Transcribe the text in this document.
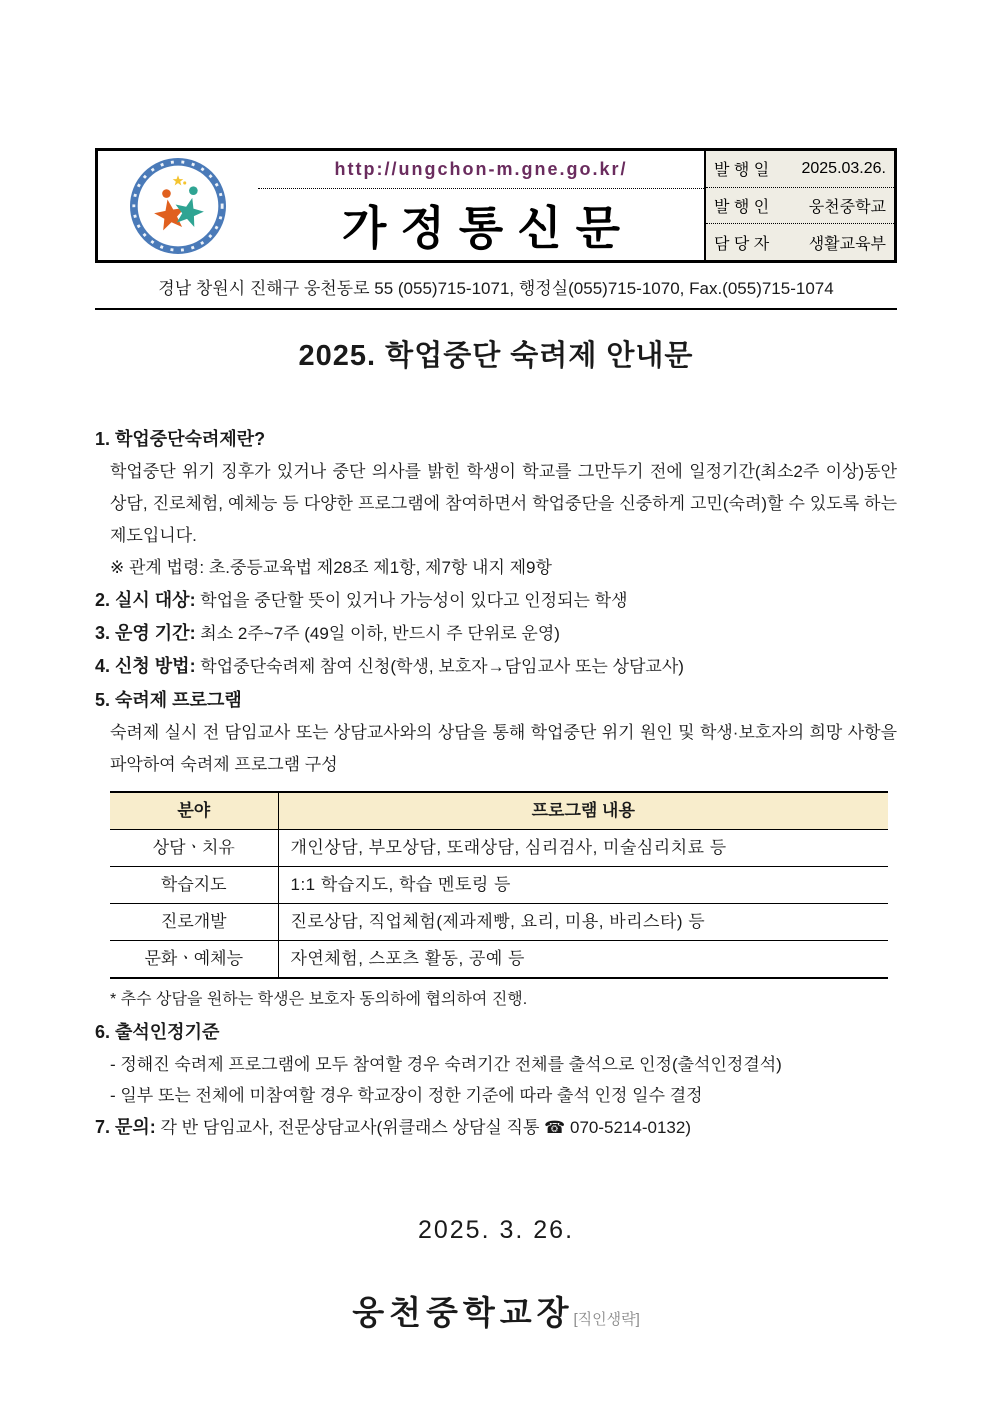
http://ungchon-m.gne.go.kr/
가정통신문
발 행 일	2025.03.26.
발 행 인	웅천중학교
담 당 자	생활교육부
경남 창원시 진해구 웅천동로 55 (055)715-1071, 행정실(055)715-1070, Fax.(055)715-1074
2025. 학업중단 숙려제 안내문
1. 학업중단숙려제란?
학업중단 위기 징후가 있거나 중단 의사를 밝힌 학생이 학교를 그만두기 전에 일정기간(최소2주 이상)동안 상담, 진로체험, 예체능 등 다양한 프로그램에 참여하면서 학업중단을 신중하게 고민(숙려)할 수 있도록 하는 제도입니다.
※ 관계 법령: 초.중등교육법 제28조 제1항, 제7항 내지 제9항
2. 실시 대상: 학업을 중단할 뜻이 있거나 가능성이 있다고 인정되는 학생
3. 운영 기간: 최소 2주~7주 (49일 이하, 반드시 주 단위로 운영)
4. 신청 방법: 학업중단숙려제 참여 신청(학생, 보호자→담임교사 또는 상담교사)
5. 숙려제 프로그램
숙려제 실시 전 담임교사 또는 상담교사와의 상담을 통해 학업중단 위기 원인 및 학생·보호자의 희망 사항을 파악하여 숙려제 프로그램 구성
분야	프로그램 내용
상담ㆍ치유	개인상담, 부모상담, 또래상담, 심리검사, 미술심리치료 등
학습지도	1:1 학습지도, 학습 멘토링 등
진로개발	진로상담, 직업체험(제과제빵, 요리, 미용, 바리스타) 등
문화ㆍ예체능	자연체험, 스포츠 활동, 공예 등
* 추수 상담을 원하는 학생은 보호자 동의하에 협의하여 진행.
6. 출석인정기준
- 정해진 숙려제 프로그램에 모두 참여할 경우 숙려기간 전체를 출석으로 인정(출석인정결석)
- 일부 또는 전체에 미참여할 경우 학교장이 정한 기준에 따라 출석 인정 일수 결정
7. 문의: 각 반 담임교사, 전문상담교사(위클래스 상담실 직통 ☎ 070-5214-0132)
2025. 3. 26.
웅천중학교장[직인생략]
